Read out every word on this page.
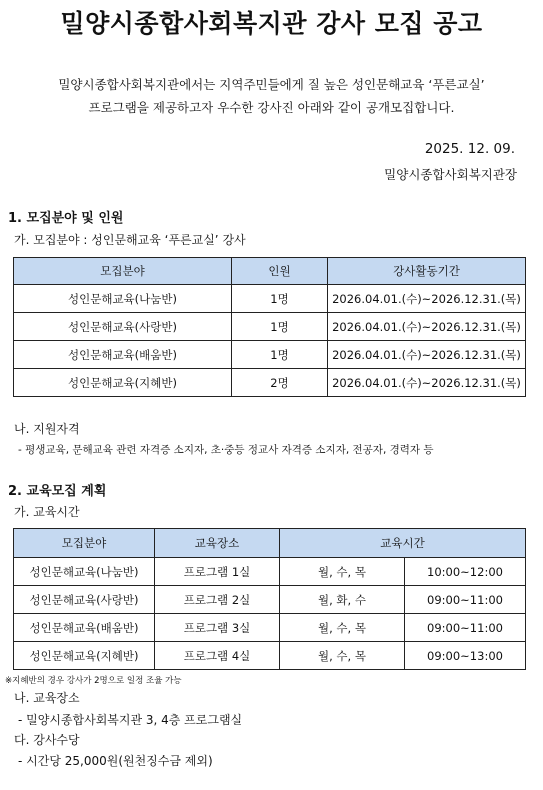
밀양시종합사회복지관 강사 모집 공고
밀양시종합사회복지관에서는 지역주민들에게 질 높은 성인문해교육 ‘푸른교실’
프로그램을 제공하고자 우수한 강사진 아래와 같이 공개모집합니다.
2025. 12. 09.
밀양시종합사회복지관장
1. 모집분야 및 인원
가. 모집분야 : 성인문해교육 ‘푸른교실’ 강사
모집분야	인원	강사활동기간
성인문해교육(나눔반)	1명	2026.04.01.(수)~2026.12.31.(목)
성인문해교육(사랑반)	1명	2026.04.01.(수)~2026.12.31.(목)
성인문해교육(배움반)	1명	2026.04.01.(수)~2026.12.31.(목)
성인문해교육(지혜반)	2명	2026.04.01.(수)~2026.12.31.(목)
나. 지원자격
- 평생교육, 문해교육 관련 자격증 소지자, 초·중등 정교사 자격증 소지자, 전공자, 경력자 등
2. 교육모집 계획
가. 교육시간
모집분야	교육장소	교육시간	
성인문해교육(나눔반)	프로그램 1실	월, 수, 목	10:00~12:00
성인문해교육(사랑반)	프로그램 2실	월, 화, 수	09:00~11:00
성인문해교육(배움반)	프로그램 3실	월, 수, 목	09:00~11:00
성인문해교육(지혜반)	프로그램 4실	월, 수, 목	09:00~13:00
※지혜반의 경우 강사가 2명으로 일정 조율 가능
나. 교육장소
- 밀양시종합사회복지관 3, 4층 프로그램실
다. 강사수당
- 시간당 25,000원(원천징수금 제외)
